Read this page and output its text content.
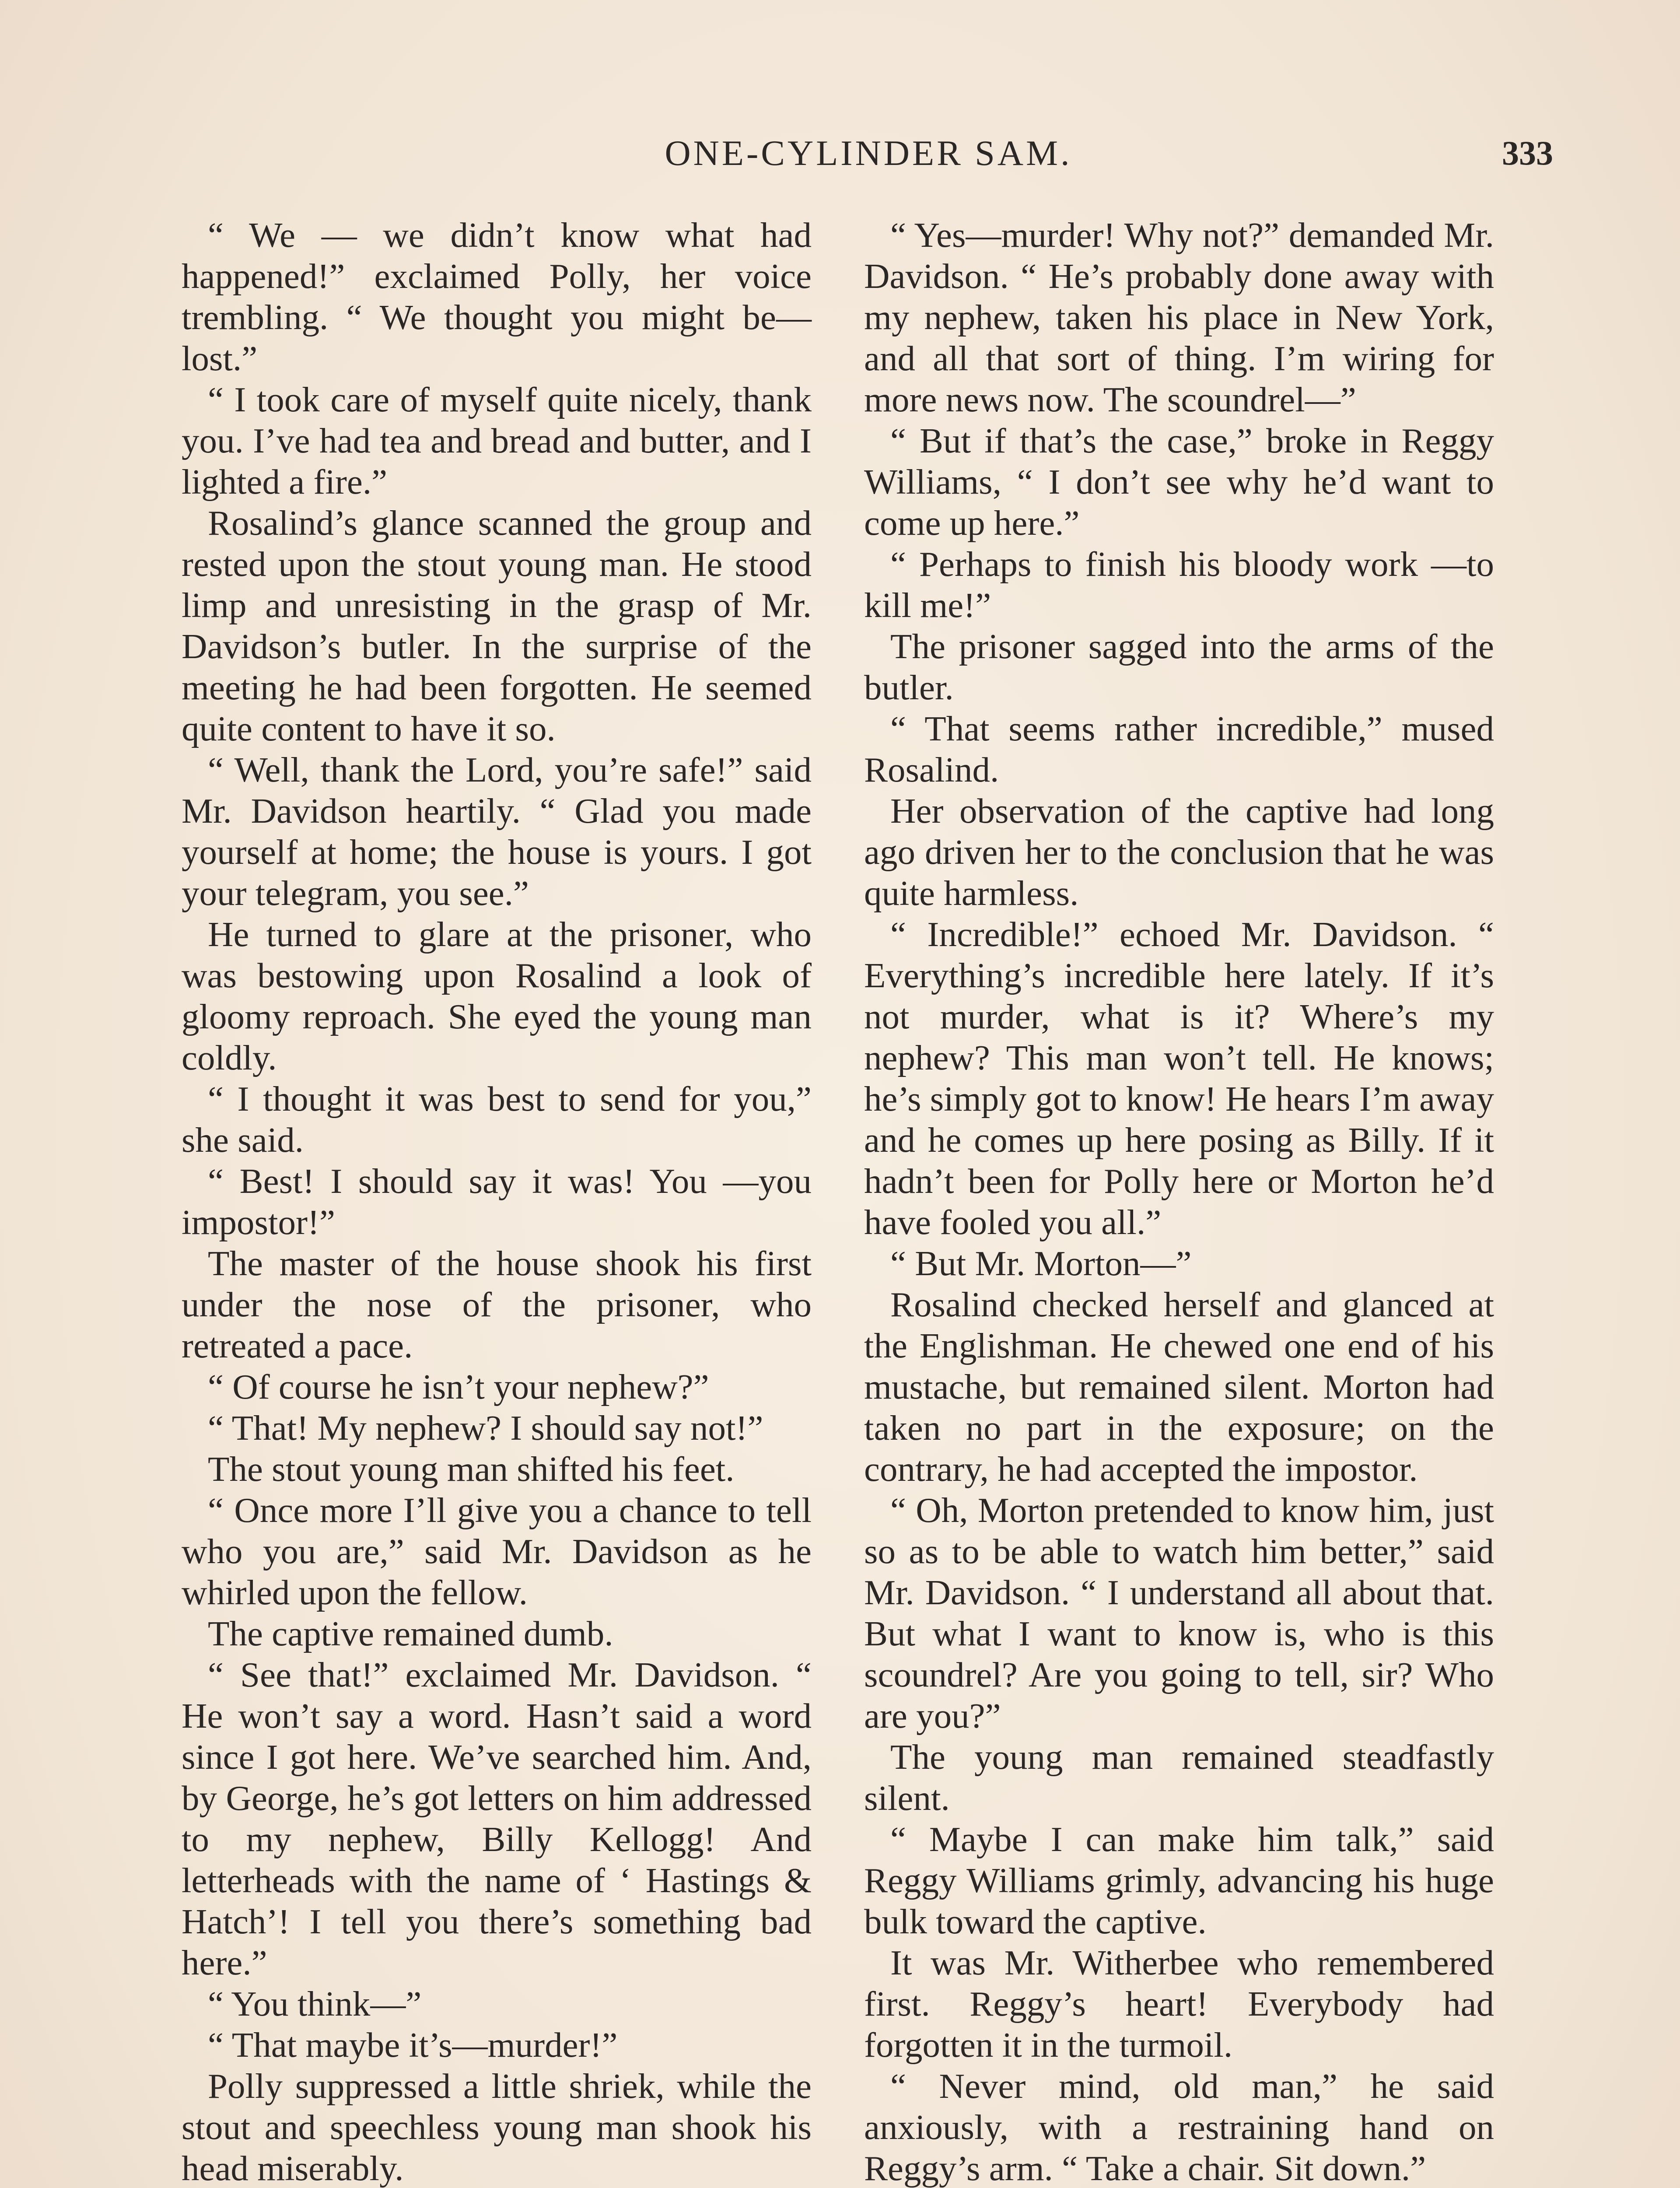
ONE-CYLINDER SAM.	333

“ We — we didn’t know what had happened!” exclaimed Polly, her voice trembling. “ We thought you might be—lost.”

“ I took care of myself quite nicely, thank you. I’ve had tea and bread and butter, and I lighted a fire.”

Rosalind’s glance scanned the group and rested upon the stout young man. He stood limp and unresisting in the grasp of Mr. Davidson’s butler. In the surprise of the meeting he had been forgotten. He seemed quite content to have it so.

“ Well, thank the Lord, you’re safe!” said Mr. Davidson heartily. “ Glad you made yourself at home; the house is yours. I got your telegram, you see.”

He turned to glare at the prisoner, who was bestowing upon Rosalind a look of gloomy reproach. She eyed the young man coldly.

“ I thought it was best to send for you,” she said.

“ Best! I should say it was! You —you impostor!”

The master of the house shook his first under the nose of the prisoner, who retreated a pace.

“ Of course he isn’t your nephew?”

“ That! My nephew? I should say not!”

The stout young man shifted his feet.

“ Once more I’ll give you a chance to tell who you are,” said Mr. Davidson as he whirled upon the fellow.

The captive remained dumb.

“ See that!” exclaimed Mr. Davidson. “ He won’t say a word. Hasn’t said a word since I got here. We’ve searched him. And, by George, he’s got letters on him addressed to my nephew, Billy Kellogg! And letterheads with the name of ‘ Hastings & Hatch’! I tell you there’s something bad here.”

“ You think—”

“ That maybe it’s—murder!”

Polly suppressed a little shriek, while the stout and speechless young man shook his head miserably.

“ Yes—murder! Why not?” demanded Mr. Davidson. “ He’s probably done away with my nephew, taken his place in New York, and all that sort of thing. I’m wiring for more news now. The scoundrel—”

“ But if that’s the case,” broke in Reggy Williams, “ I don’t see why he’d want to come up here.”

“ Perhaps to finish his bloody work —to kill me!”

The prisoner sagged into the arms of the butler.

“ That seems rather incredible,” mused Rosalind.

Her observation of the captive had long ago driven her to the conclusion that he was quite harmless.

“ Incredible!” echoed Mr. Davidson. “ Everything’s incredible here lately. If it’s not murder, what is it? Where’s my nephew? This man won’t tell. He knows; he’s simply got to know! He hears I’m away and he comes up here posing as Billy. If it hadn’t been for Polly here or Morton he’d have fooled you all.”

“ But Mr. Morton—”

Rosalind checked herself and glanced at the Englishman. He chewed one end of his mustache, but remained silent. Morton had taken no part in the exposure; on the contrary, he had accepted the impostor.

“ Oh, Morton pretended to know him, just so as to be able to watch him better,” said Mr. Davidson. “ I understand all about that. But what I want to know is, who is this scoundrel? Are you going to tell, sir? Who are you?”

The young man remained steadfastly silent.

“ Maybe I can make him talk,” said Reggy Williams grimly, advancing his huge bulk toward the captive.

It was Mr. Witherbee who remembered first. Reggy’s heart! Everybody had forgotten it in the turmoil.

“ Never mind, old man,” he said anxiously, with a restraining hand on Reggy’s arm. “ Take a chair. Sit down.”
